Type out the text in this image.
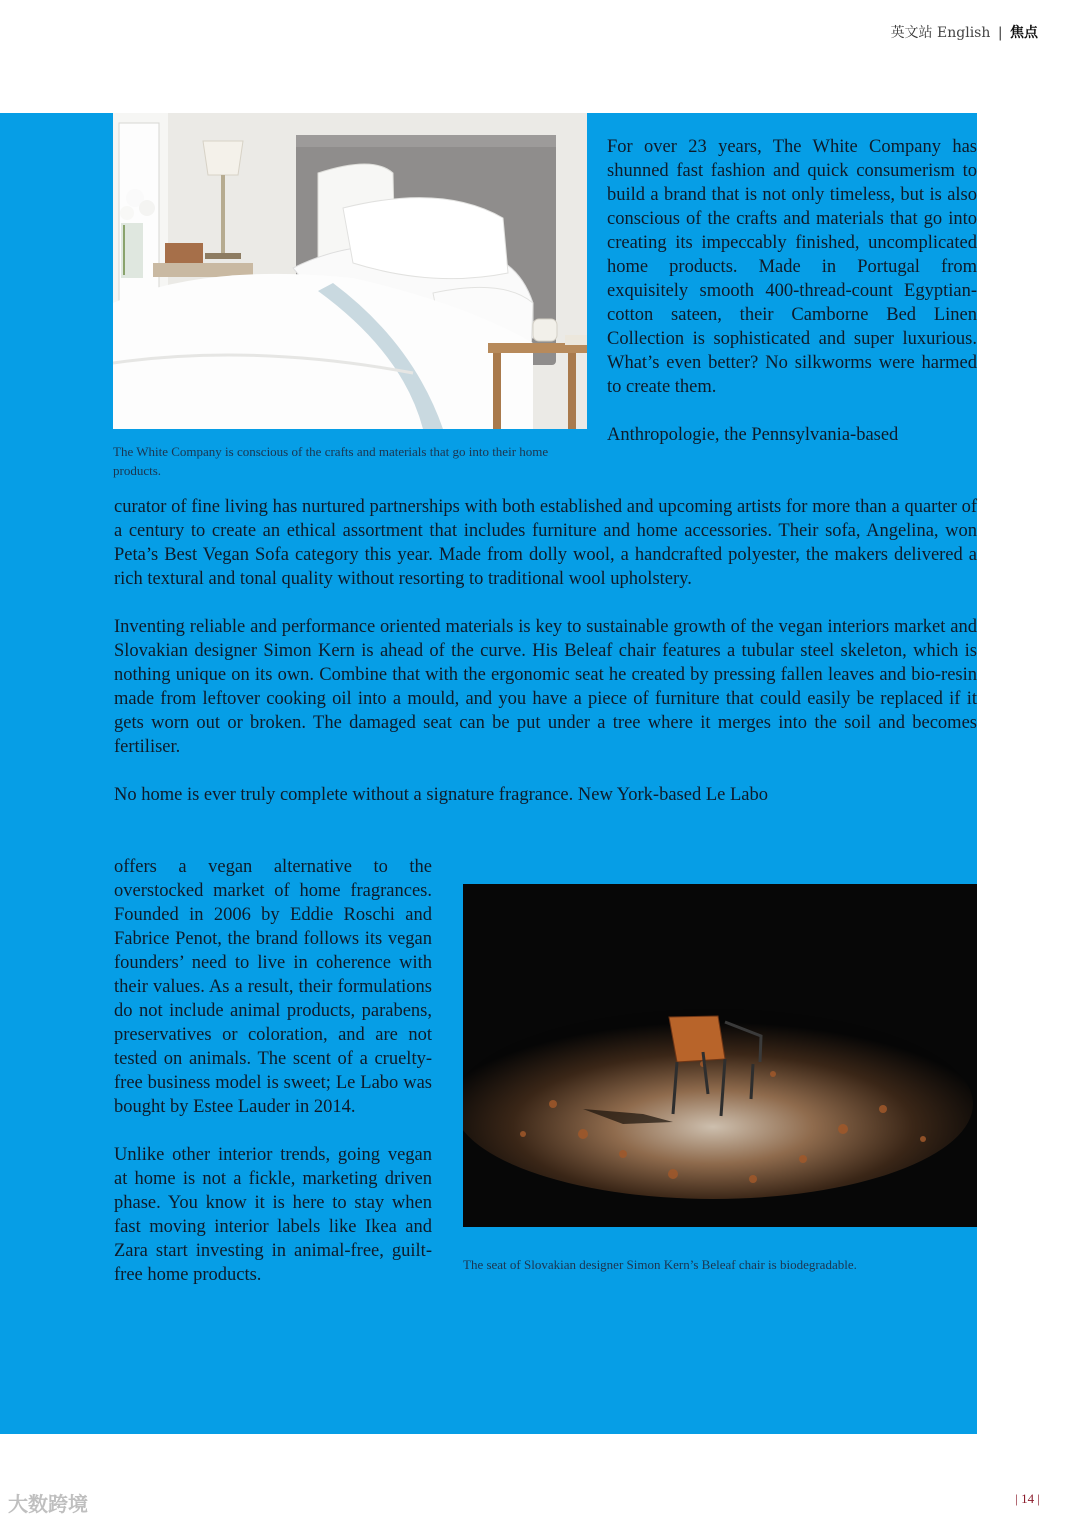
英文站 English | 焦点
The White Company is conscious of the crafts and materials that go into their home products.

For over 23 years, The White Company has shunned fast fashion and quick consumerism to build a brand that is not only timeless, but is also conscious of the crafts and materials that go into creating its impeccably finished, uncomplicated home products. Made in Portugal from exquisitely smooth 400-thread-count Egyptian-cotton sateen, their Camborne Bed Linen Collection is sophisticated and super luxurious. What’s even better? No silkworms were harmed to create them.

Anthropologie, the Pennsylvania-based

curator of fine living has nurtured partnerships with both established and upcoming artists for more than a quarter of a century to create an ethical assortment that includes furniture and home accessories. Their sofa, Angelina, won Peta’s Best Vegan Sofa category this year. Made from dolly wool, a handcrafted polyester, the makers delivered a rich textural and tonal quality without resorting to traditional wool upholstery.

Inventing reliable and performance oriented materials is key to sustainable growth of the vegan interiors market and Slovakian designer Simon Kern is ahead of the curve. His Beleaf chair features a tubular steel skeleton, which is nothing unique on its own. Combine that with the ergonomic seat he created by pressing fallen leaves and bio-resin made from leftover cooking oil into a mould, and you have a piece of furniture that could easily be replaced if it gets worn out or broken. The damaged seat can be put under a tree where it merges into the soil and becomes fertiliser.

No home is ever truly complete without a signature fragrance. New York-based Le Labo

offers a vegan alternative to the overstocked market of home fragrances. Founded in 2006 by Eddie Roschi and Fabrice Penot, the brand follows its vegan founders’ need to live in coherence with their values. As a result, their formulations do not include animal products, parabens, preservatives or coloration, and are not tested on animals. The scent of a cruelty-free business model is sweet; Le Labo was bought by Estee Lauder in 2014.

Unlike other interior trends, going vegan at home is not a fickle, marketing driven phase. You know it is here to stay when fast moving interior labels like Ikea and Zara start investing in animal-free, guilt-free home products.

The seat of Slovakian designer Simon Kern’s Beleaf chair is biodegradable.
| 14 |
大数跨境
